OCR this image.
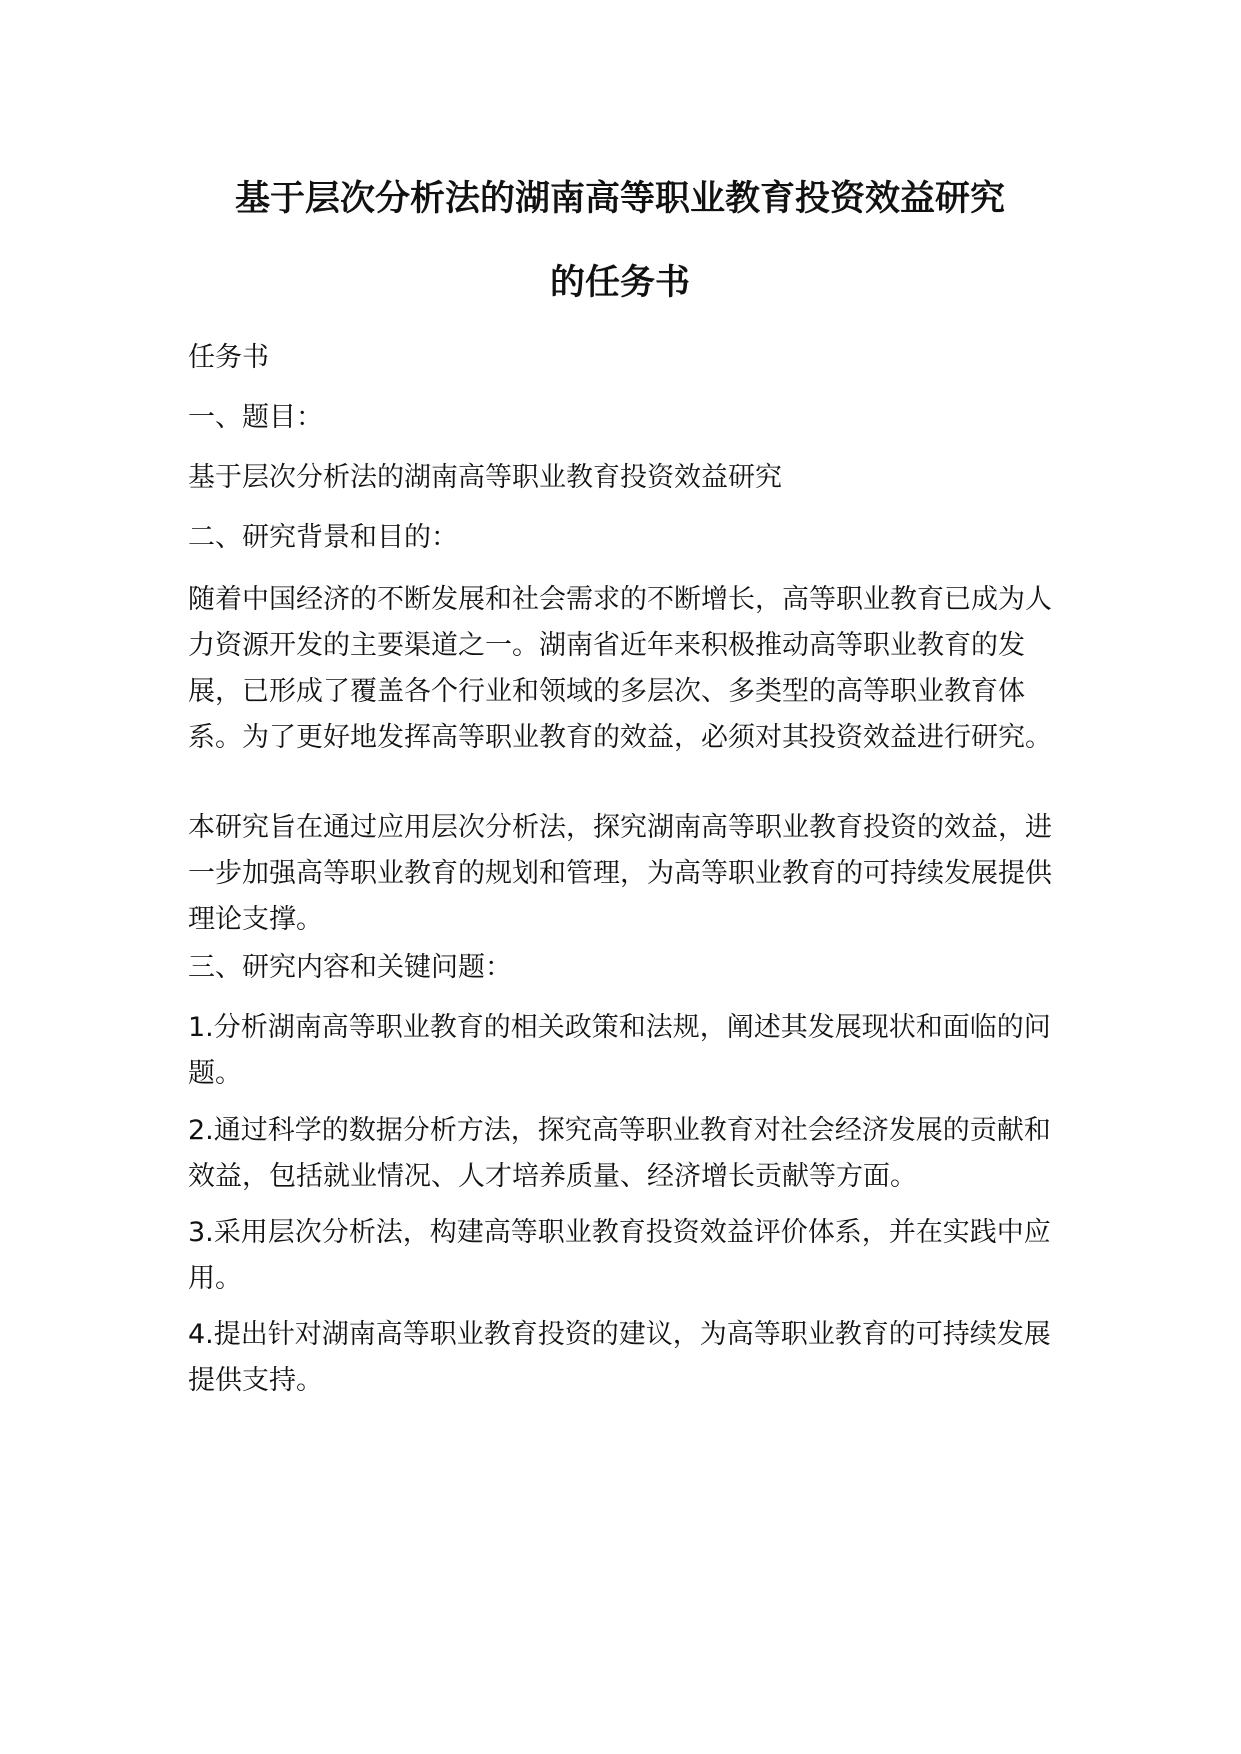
基于层次分析法的湖南高等职业教育投资效益研究
的任务书

任务书

一、题目：

基于层次分析法的湖南高等职业教育投资效益研究

二、研究背景和目的：

随着中国经济的不断发展和社会需求的不断增长，高等职业教育已成为人力资源开发的主要渠道之一。湖南省近年来积极推动高等职业教育的发展，已形成了覆盖各个行业和领域的多层次、多类型的高等职业教育体系。为了更好地发挥高等职业教育的效益，必须对其投资效益进行研究。

本研究旨在通过应用层次分析法，探究湖南高等职业教育投资的效益，进一步加强高等职业教育的规划和管理，为高等职业教育的可持续发展提供理论支撑。

三、研究内容和关键问题：

1.分析湖南高等职业教育的相关政策和法规，阐述其发展现状和面临的问题。

2.通过科学的数据分析方法，探究高等职业教育对社会经济发展的贡献和效益，包括就业情况、人才培养质量、经济增长贡献等方面。

3.采用层次分析法，构建高等职业教育投资效益评价体系，并在实践中应用。

4.提出针对湖南高等职业教育投资的建议，为高等职业教育的可持续发展提供支持。
